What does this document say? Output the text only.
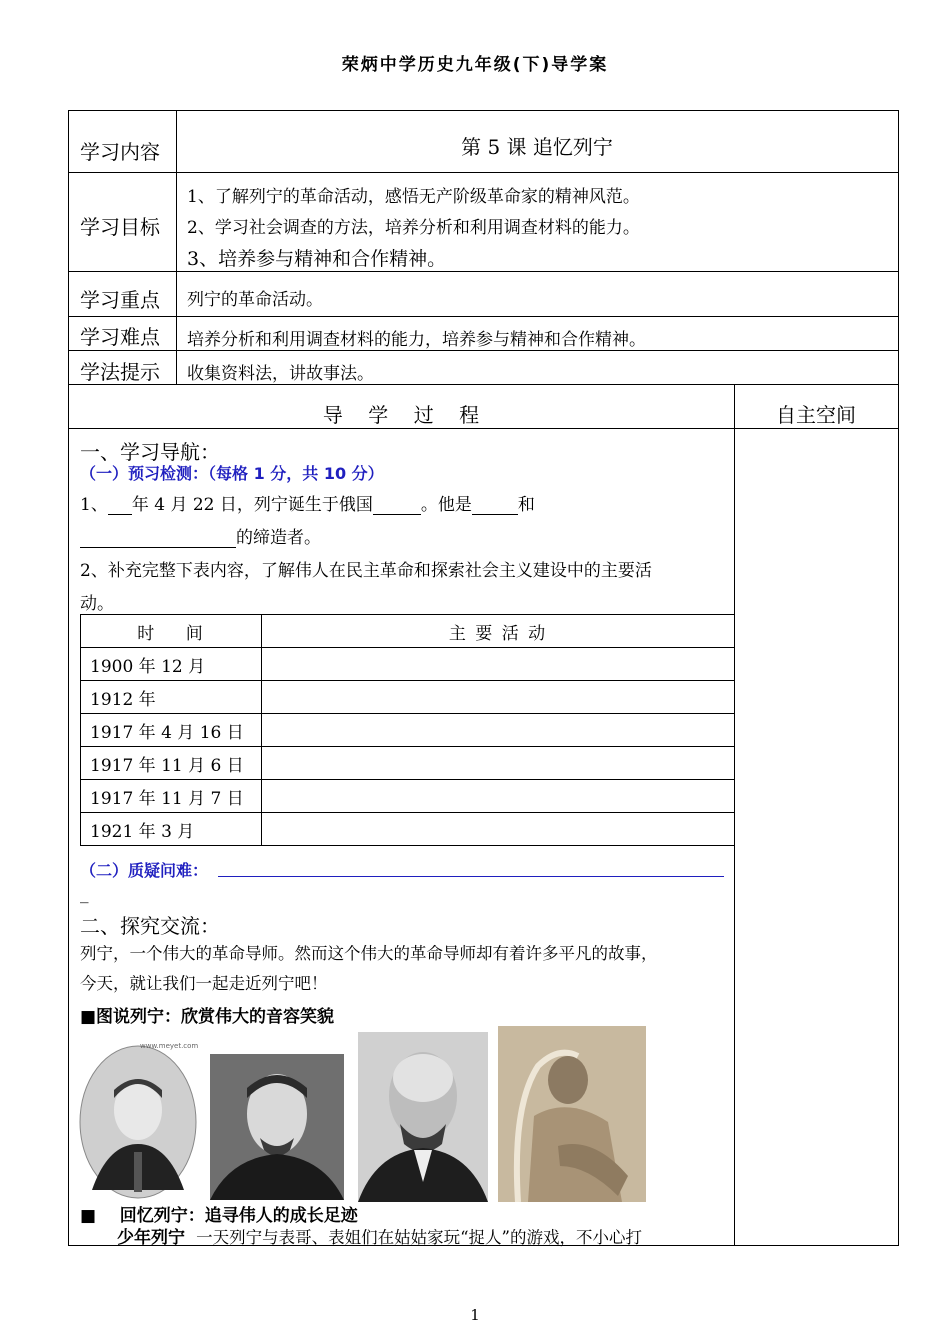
荣炳中学历史九年级(下)导学案
学习内容	第 5 课 追忆列宁
学习目标
1、了解列宁的革命活动，感悟无产阶级革命家的精神风范。
2、学习社会调查的方法，培养分析和利用调查材料的能力。
3、培养参与精神和合作精神。
学习重点 列宁的革命活动。
学习难点 培养分析和利用调查材料的能力，培养参与精神和合作精神。
学法提示 收集资料法，讲故事法。
导    学    过    程	自主空间
一、学习导航：
（一）预习检测：（每格 1 分，共 10 分）
1、 年 4 月 22 日，列宁诞生于俄国	。他是	和
的缔造者。
2、补充完整下表内容，了解伟人在民主革命和探索社会主义建设中的主要活
动。
时    间	主 要 活 动
1900 年 12 月	
1912 年	
1917 年 4 月 16 日	
1917 年 11 月 6 日	
1917 年 11 月 7 日	
1921 年 3 月	
（二）质疑问难：
_
二、探究交流：
列宁，一个伟大的革命导师。然而这个伟大的革命导师却有着许多平凡的故事，
今天，就让我们一起走近列宁吧！
■图说列宁：欣赏伟大的音容笑貌
www.meyet.com
■    回忆列宁：追寻伟人的成长足迹
少年列宁 一天列宁与表哥、表姐们在姑姑家玩“捉人”的游戏，不小心打
1
